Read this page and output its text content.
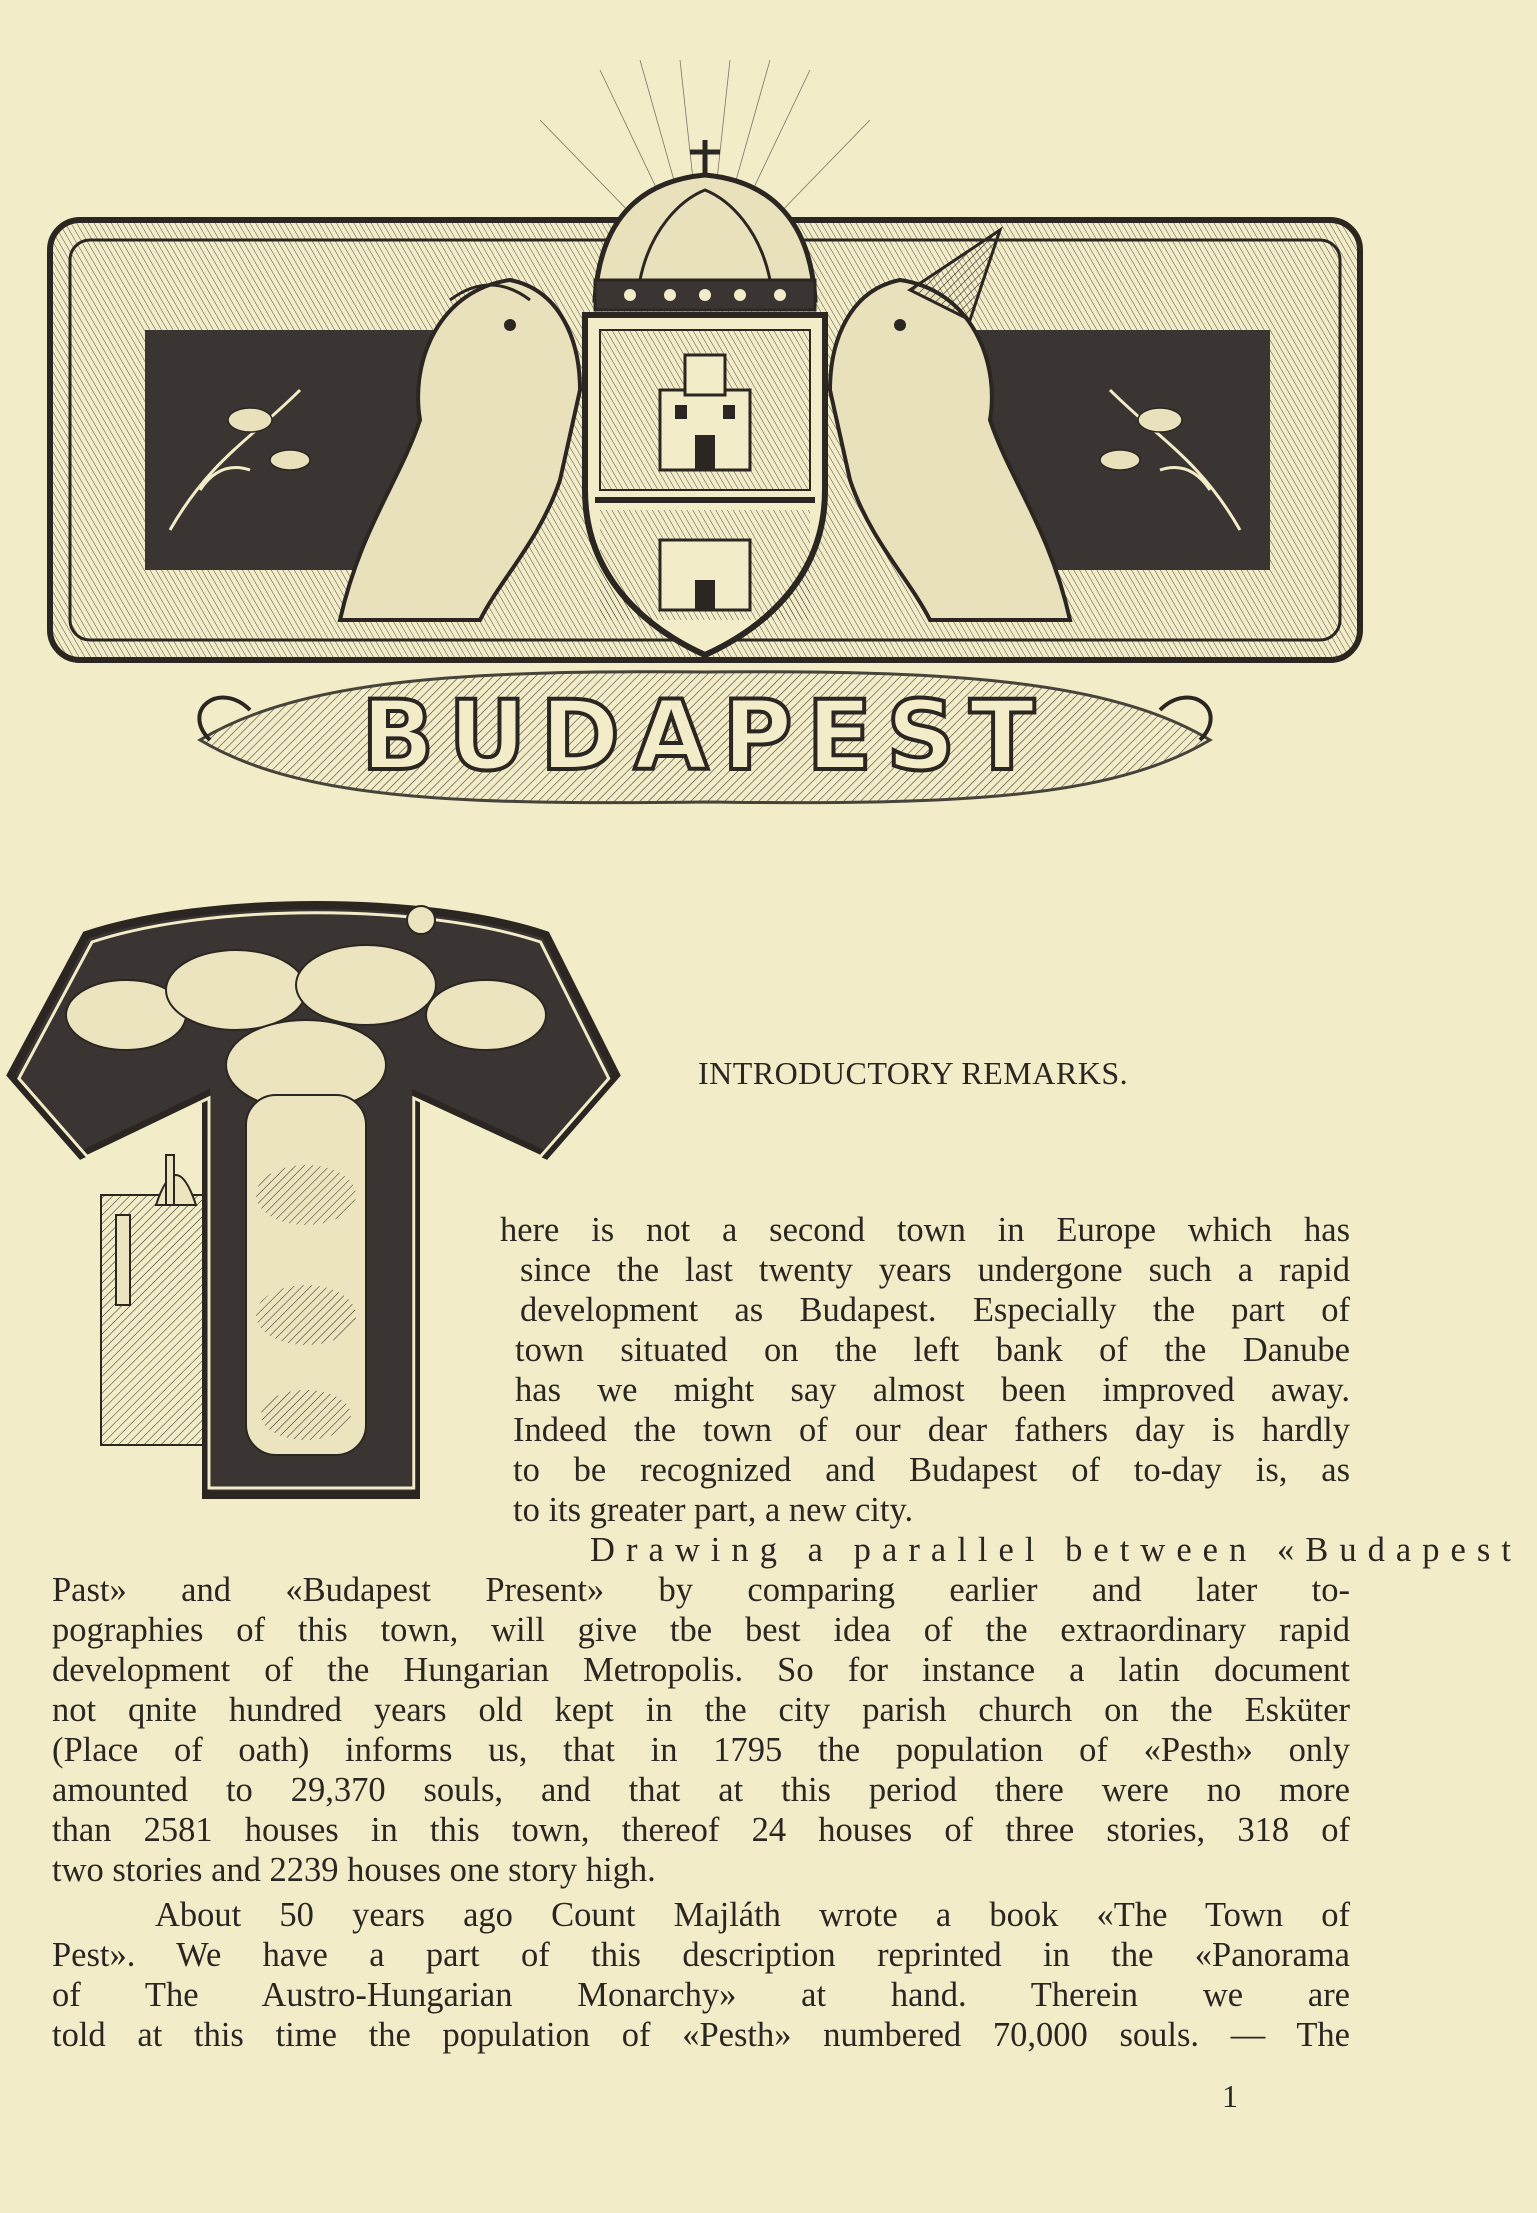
BUDAPEST
INTRODUCTORY REMARKS.
here is not a second town in Europe which has
since the last twenty years undergone such a rapid
development as Budapest. Especially the part of
town situated on the left bank of the Danube
has we might say almost been improved away.
Indeed the town of our dear fathers day is hardly
to be recognized and Budapest of to-day is, as
to its greater part, a new city.
Drawing a parallel between «Budapest
Past» and «Budapest Present» by comparing earlier and later to-
pographies of this town, will give tbe best idea of the extraordinary rapid
development of the Hungarian Metropolis. So for instance a latin document
not qnite hundred years old kept in the city parish church on the Esküter
(Place of oath) informs us, that in 1795 the population of «Pesth» only
amounted to 29,370 souls, and that at this period there were no more
than 2581 houses in this town, thereof 24 houses of three stories, 318 of
two stories and 2239 houses one story high.
About 50 years ago Count Majláth wrote a book «The Town of
Pest». We have a part of this description reprinted in the «Panorama
of The Austro-Hungarian Monarchy» at hand. Therein we are
told at this time the population of «Pesth» numbered 70,000 souls. — The
1
